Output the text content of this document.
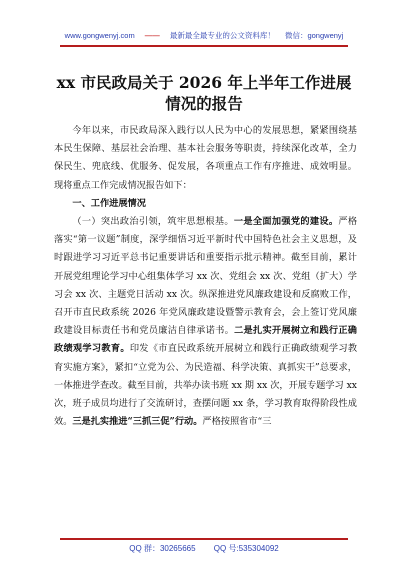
www.gongwenyj.com —— 最新最全最专业的公文资料库！ 微信：gongwenyj
xx 市民政局关于 2026 年上半年工作进展
情况的报告

今年以来，市民政局深入践行以人民为中心的发展思想，紧紧围绕基本民生保障、基层社会治理、基本社会服务等职责，持续深化改革，全力保民生、兜底线、优服务、促发展，各项重点工作有序推进、成效明显。现将重点工作完成情况报告如下：

一、工作进展情况

（一）突出政治引领，筑牢思想根基。一是全面加强党的建设。严格落实“第一议题”制度，深学细悟习近平新时代中国特色社会主义思想，及时跟进学习习近平总书记重要讲话和重要指示批示精神。截至目前，累计开展党组理论学习中心组集体学习 xx 次、党组会 xx 次、党组（扩大）学习会 xx 次、主题党日活动 xx 次。纵深推进党风廉政建设和反腐败工作，召开市直民政系统 2026 年党风廉政建设暨警示教育会，会上签订党风廉政建设目标责任书和党员廉洁自律承诺书。二是扎实开展树立和践行正确政绩观学习教育。印发《市直民政系统开展树立和践行正确政绩观学习教育实施方案》，紧扣“立党为公、为民造福、科学决策、真抓实干”总要求，一体推进学查改。截至目前，共举办读书班 xx 期 xx 次，开展专题学习 xx 次，班子成员均进行了交流研讨，查摆问题 xx 条，学习教育取得阶段性成效。三是扎实推进“三抓三促”行动。严格按照省市“三

QQ 群：30265665 QQ 号:535304092
